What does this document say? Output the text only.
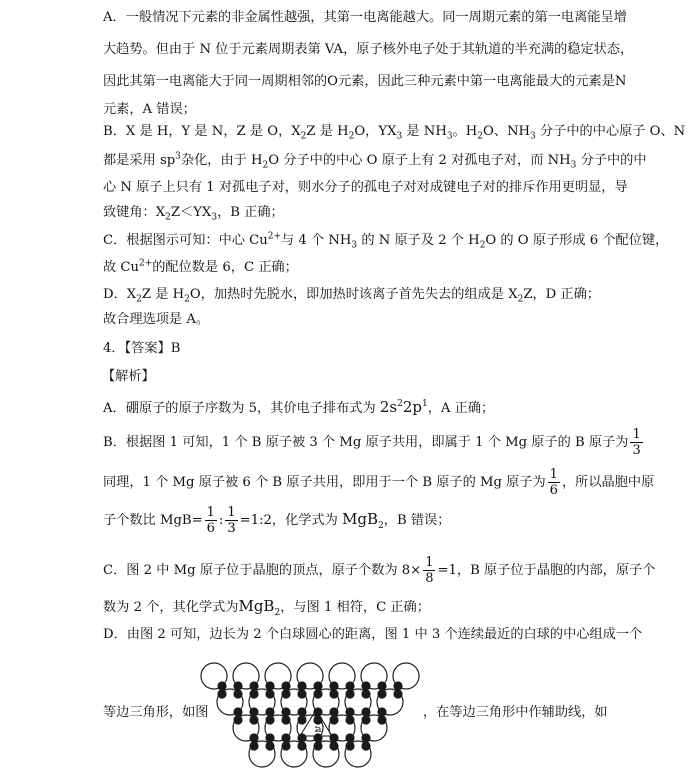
A．一般情况下元素的非金属性越强，其第一电离能越大。同一周期元素的第一电离能呈增
大趋势。但由于 N 位于元素周期表第 VA，原子核外电子处于其轨道的半充满的稳定状态，
因此其第一电离能大于同一周期相邻的O元素，因此三种元素中第一电离能最大的元素是N
元素，A 错误；
B．X 是 H，Y 是 N，Z 是 O，$X_2Z$ 是 $H_2O$，$YX_3$ 是 $NH_3$。$H_2O$、$NH_3$ 分子中的中心原子 O、N
都是采用 $sp^3$杂化，由于 $H_2O$ 分子中的中心 O 原子上有 2 对孤电子对，而 $NH_3$ 分子中的中
心 N 原子上只有 1 对孤电子对，则水分子的孤电子对对成键电子对的排斥作用更明显，导
致键角：$X_2Z<YX_3$，B 正确；
C．根据图示可知：中心 $Cu^{2+}$与 4 个 $NH_3$ 的 N 原子及 2 个 $H_2O$ 的 O 原子形成 6 个配位键，
故 $Cu^{2+}$的配位数是 6，C 正确；
D．$X_2Z$ 是 $H_2O$，加热时先脱水，即加热时该离子首先失去的组成是 $X_2Z$，D 正确；
故合理选项是 A。
4．【答案】B
【解析】
A．硼原子的原子序数为 5，其价电子排布式为 $2s^22p^1$，A 正确；
B．根据图 1 可知，1 个 B 原子被 3 个 Mg 原子共用，即属于 1 个 Mg 原子的 B 原子为 $\frac{1}{3}$
同理，1 个 Mg 原子被 6 个 B 原子共用，即用于一个 B 原子的 Mg 原子为 $\frac{1}{6}$ ，所以晶胞中原
子个数比 $MgB= \frac{1}{6}$ : $\frac{1}{3}$ =1:2，化学式为 MgB$_2$，B 错误；
C．图 2 中 Mg 原子位于晶胞的顶点，原子个数为 $8\times \frac{1}{8} =1$，B 原子位于晶胞的内部，原子个
数为 2 个，其化学式为MgB$_2$，与图 1 相符，C 正确；
D．由图 2 可知，边长为 2 个白球圆心的距离，图 1 中 3 个连续最近的白球的中心组成一个
等边三角形，如图	，在等边三角形中作辅助线，如
a
